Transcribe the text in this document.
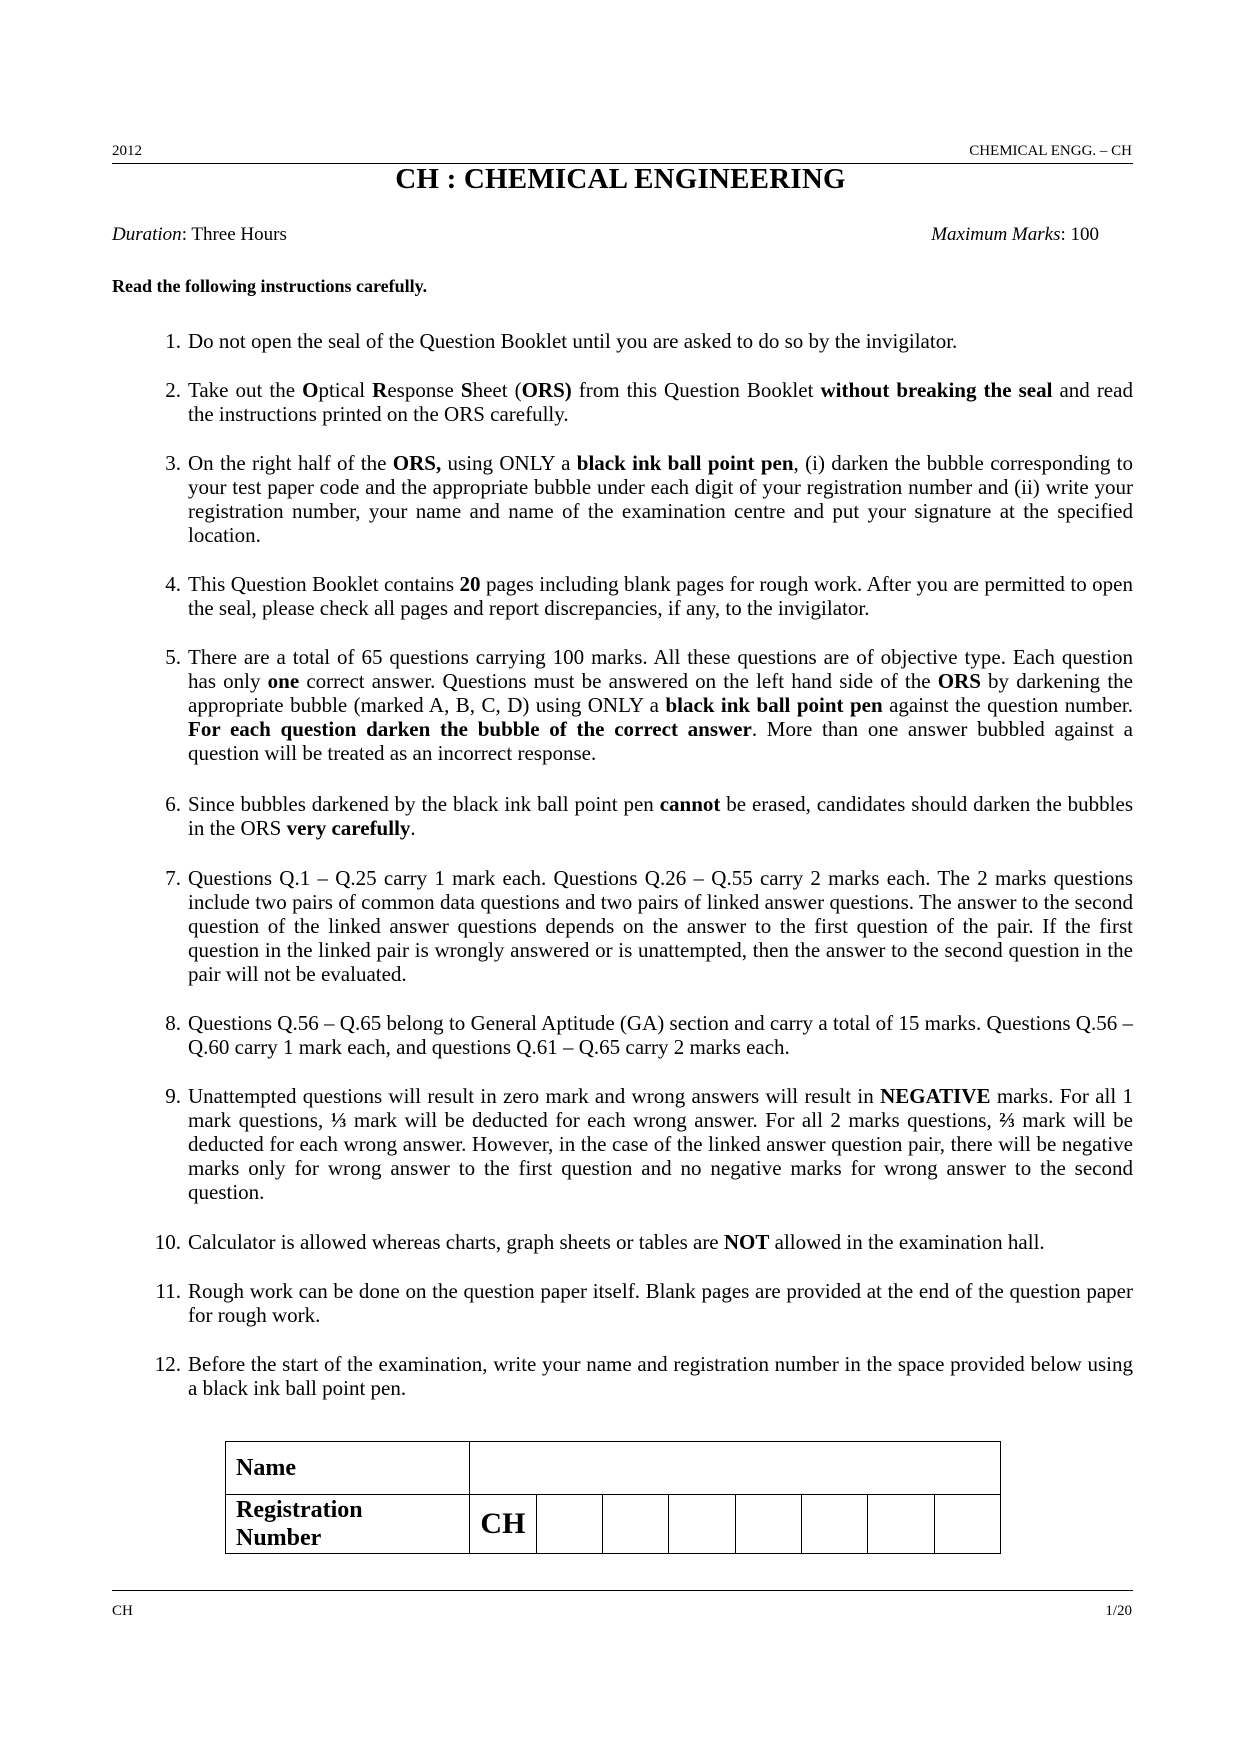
2012	CHEMICAL ENGG. – CH
CH : CHEMICAL ENGINEERING
Duration: Three Hours	Maximum Marks: 100
Read the following instructions carefully.
1. Do not open the seal of the Question Booklet until you are asked to do so by the invigilator.
2. Take out the Optical Response Sheet (ORS) from this Question Booklet without breaking the seal and read the instructions printed on the ORS carefully.
3. On the right half of the ORS, using ONLY a black ink ball point pen, (i) darken the bubble corresponding to your test paper code and the appropriate bubble under each digit of your registration number and (ii) write your registration number, your name and name of the examination centre and put your signature at the specified location.
4. This Question Booklet contains 20 pages including blank pages for rough work. After you are permitted to open the seal, please check all pages and report discrepancies, if any, to the invigilator.
5. There are a total of 65 questions carrying 100 marks. All these questions are of objective type. Each question has only one correct answer. Questions must be answered on the left hand side of the ORS by darkening the appropriate bubble (marked A, B, C, D) using ONLY a black ink ball point pen against the question number. For each question darken the bubble of the correct answer. More than one answer bubbled against a question will be treated as an incorrect response.
6. Since bubbles darkened by the black ink ball point pen cannot be erased, candidates should darken the bubbles in the ORS very carefully.
7. Questions Q.1 – Q.25 carry 1 mark each. Questions Q.26 – Q.55 carry 2 marks each. The 2 marks questions include two pairs of common data questions and two pairs of linked answer questions. The answer to the second question of the linked answer questions depends on the answer to the first question of the pair. If the first question in the linked pair is wrongly answered or is unattempted, then the answer to the second question in the pair will not be evaluated.
8. Questions Q.56 – Q.65 belong to General Aptitude (GA) section and carry a total of 15 marks. Questions Q.56 – Q.60 carry 1 mark each, and questions Q.61 – Q.65 carry 2 marks each.
9. Unattempted questions will result in zero mark and wrong answers will result in NEGATIVE marks. For all 1 mark questions, ⅓ mark will be deducted for each wrong answer. For all 2 marks questions, ⅔ mark will be deducted for each wrong answer. However, in the case of the linked answer question pair, there will be negative marks only for wrong answer to the first question and no negative marks for wrong answer to the second question.
10. Calculator is allowed whereas charts, graph sheets or tables are NOT allowed in the examination hall.
11. Rough work can be done on the question paper itself. Blank pages are provided at the end of the question paper for rough work.
12. Before the start of the examination, write your name and registration number in the space provided below using a black ink ball point pen.
Name								
Registration
Number	CH							
CH	1/20
